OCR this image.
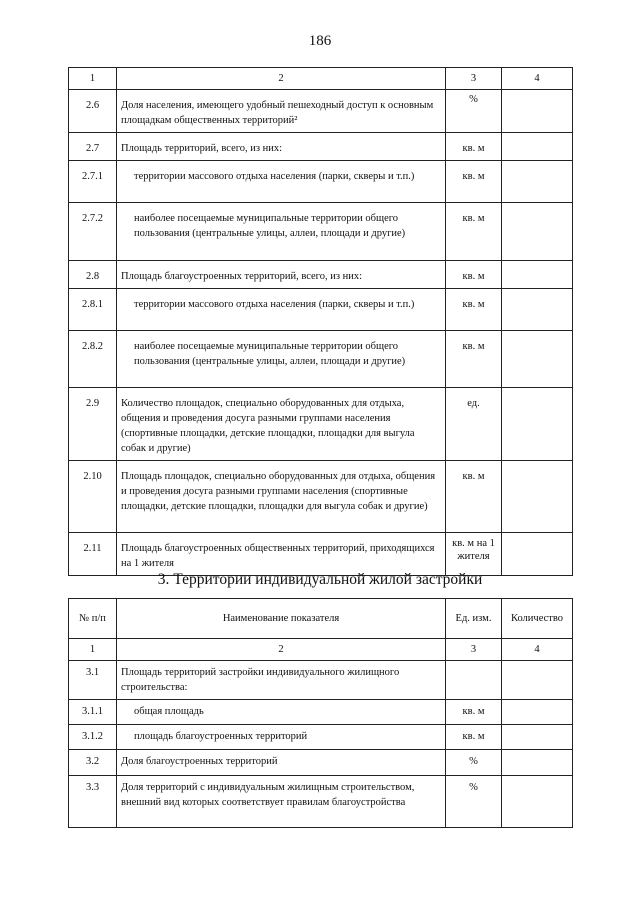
186
1	2	3	4
2.6	Доля населения, имеющего удобный пешеходный доступ к основным площадкам общественных территорий²	%	
2.7	Площадь территорий, всего, из них:	кв. м	
2.7.1	территории массового отдыха населения (парки, скверы и т.п.)	кв. м	
2.7.2	наиболее посещаемые муниципальные территории общего пользования (центральные улицы, аллеи, площади и другие)	кв. м	
2.8	Площадь благоустроенных территорий, всего, из них:	кв. м	
2.8.1	территории массового отдыха населения (парки, скверы и т.п.)	кв. м	
2.8.2	наиболее посещаемые муниципальные территории общего пользования (центральные улицы, аллеи, площади и другие)	кв. м	
2.9	Количество площадок, специально оборудованных для отдыха, общения и проведения досуга разными группами населения (спортивные площадки, детские площадки, площадки для выгула собак и другие)	ед.	
2.10	Площадь площадок, специально оборудованных для отдыха, общения и проведения досуга разными группами населения (спортивные площадки, детские площадки, площадки для выгула собак и другие)	кв. м	
2.11	Площадь благоустроенных общественных территорий, приходящихся на 1 жителя	кв. м на 1 жителя	
3. Территории индивидуальной жилой застройки
№ п/п	Наименование показателя	Ед. изм.	Количество
1	2	3	4
3.1	Площадь территорий застройки индивидуального жилищного строительства:		
3.1.1	общая площадь	кв. м	
3.1.2	площадь благоустроенных территорий	кв. м	
3.2	Доля благоустроенных территорий	%	
3.3	Доля территорий с индивидуальным жилищным строительством, внешний вид которых соответствует правилам благоустройства	%	
